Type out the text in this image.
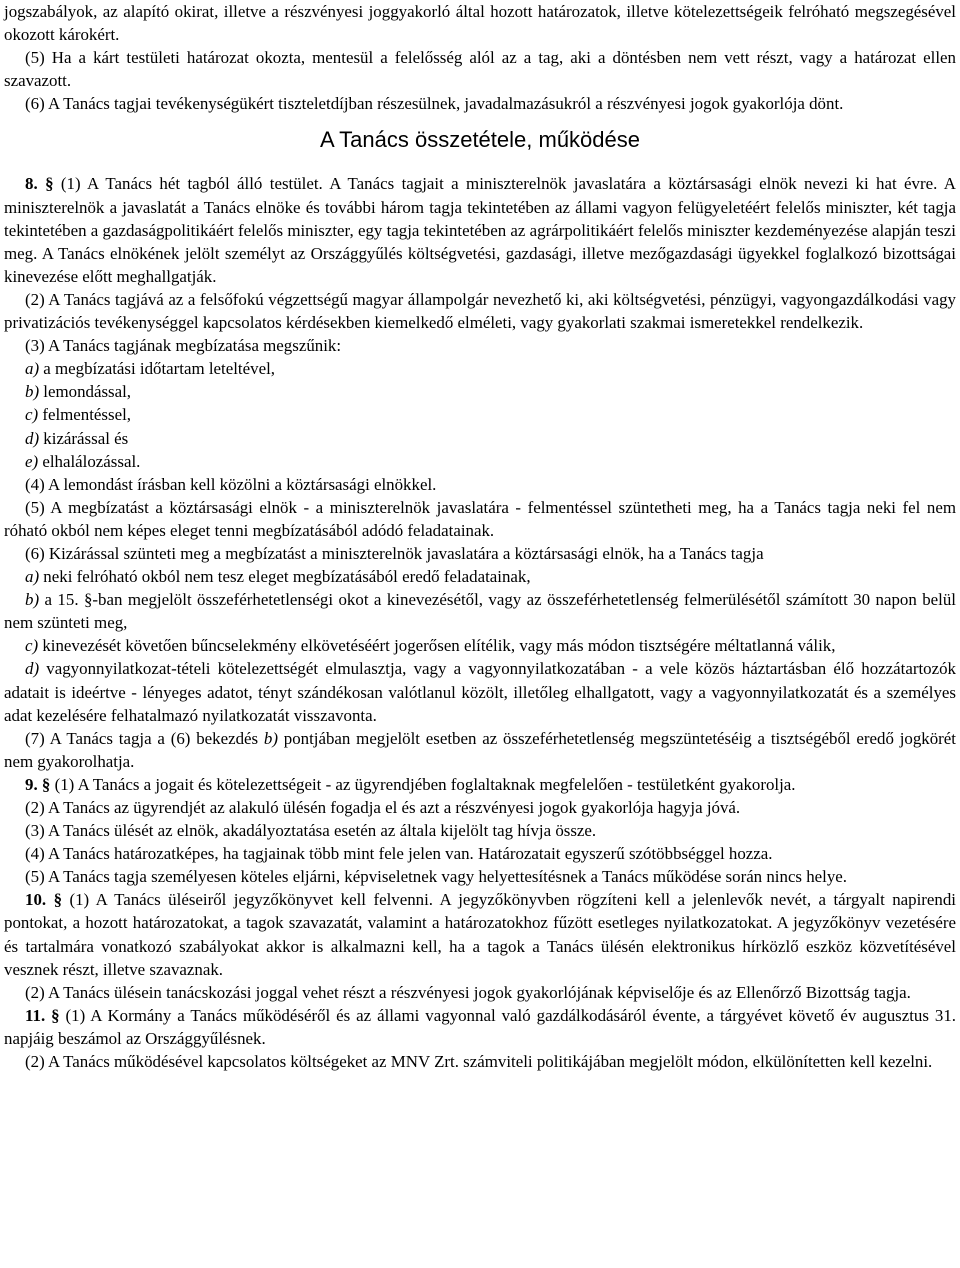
jogszabályok, az alapító okirat, illetve a részvényesi joggyakorló által hozott határozatok, illetve kötelezettségeik felróható megszegésével okozott károkért.

(5) Ha a kárt testületi határozat okozta, mentesül a felelősség alól az a tag, aki a döntésben nem vett részt, vagy a határozat ellen szavazott.

(6) A Tanács tagjai tevékenységükért tiszteletdíjban részesülnek, javadalmazásukról a részvényesi jogok gyakorlója dönt.

A Tanács összetétele, működése

8. § (1) A Tanács hét tagból álló testület. A Tanács tagjait a miniszterelnök javaslatára a köztársasági elnök nevezi ki hat évre. A miniszterelnök a javaslatát a Tanács elnöke és további három tagja tekintetében az állami vagyon felügyeletéért felelős miniszter, két tagja tekintetében a gazdaságpolitikáért felelős miniszter, egy tagja tekintetében az agrárpolitikáért felelős miniszter kezdeményezése alapján teszi meg. A Tanács elnökének jelölt személyt az Országgyűlés költségvetési, gazdasági, illetve mezőgazdasági ügyekkel foglalkozó bizottságai kinevezése előtt meghallgatják.

(2) A Tanács tagjává az a felsőfokú végzettségű magyar állampolgár nevezhető ki, aki költségvetési, pénzügyi, vagyongazdálkodási vagy privatizációs tevékenységgel kapcsolatos kérdésekben kiemelkedő elméleti, vagy gyakorlati szakmai ismeretekkel rendelkezik.

(3) A Tanács tagjának megbízatása megszűnik:

a) a megbízatási időtartam leteltével,

b) lemondással,

c) felmentéssel,

d) kizárással és

e) elhalálozással.

(4) A lemondást írásban kell közölni a köztársasági elnökkel.

(5) A megbízatást a köztársasági elnök - a miniszterelnök javaslatára - felmentéssel szüntetheti meg, ha a Tanács tagja neki fel nem róható okból nem képes eleget tenni megbízatásából adódó feladatainak.

(6) Kizárással szünteti meg a megbízatást a miniszterelnök javaslatára a köztársasági elnök, ha a Tanács tagja

a) neki felróható okból nem tesz eleget megbízatásából eredő feladatainak,

b) a 15. §-ban megjelölt összeférhetetlenségi okot a kinevezésétől, vagy az összeférhetetlenség felmerülésétől számított 30 napon belül nem szünteti meg,

c) kinevezését követően bűncselekmény elkövetéséért jogerősen elítélik, vagy más módon tisztségére méltatlanná válik,

d) vagyonnyilatkozat-tételi kötelezettségét elmulasztja, vagy a vagyonnyilatkozatában - a vele közös háztartásban élő hozzátartozók adatait is ideértve - lényeges adatot, tényt szándékosan valótlanul közölt, illetőleg elhallgatott, vagy a vagyonnyilatkozatát és a személyes adat kezelésére felhatalmazó nyilatkozatát visszavonta.

(7) A Tanács tagja a (6) bekezdés b) pontjában megjelölt esetben az összeférhetetlenség megszüntetéséig a tisztségéből eredő jogkörét nem gyakorolhatja.

9. § (1) A Tanács a jogait és kötelezettségeit - az ügyrendjében foglaltaknak megfelelően - testületként gyakorolja.

(2) A Tanács az ügyrendjét az alakuló ülésén fogadja el és azt a részvényesi jogok gyakorlója hagyja jóvá.

(3) A Tanács ülését az elnök, akadályoztatása esetén az általa kijelölt tag hívja össze.

(4) A Tanács határozatképes, ha tagjainak több mint fele jelen van. Határozatait egyszerű szótöbbséggel hozza.

(5) A Tanács tagja személyesen köteles eljárni, képviseletnek vagy helyettesítésnek a Tanács működése során nincs helye.

10. § (1) A Tanács üléseiről jegyzőkönyvet kell felvenni. A jegyzőkönyvben rögzíteni kell a jelenlevők nevét, a tárgyalt napirendi pontokat, a hozott határozatokat, a tagok szavazatát, valamint a határozatokhoz fűzött esetleges nyilatkozatokat. A jegyzőkönyv vezetésére és tartalmára vonatkozó szabályokat akkor is alkalmazni kell, ha a tagok a Tanács ülésén elektronikus hírközlő eszköz közvetítésével vesznek részt, illetve szavaznak.

(2) A Tanács ülésein tanácskozási joggal vehet részt a részvényesi jogok gyakorlójának képviselője és az Ellenőrző Bizottság tagja.

11. § (1) A Kormány a Tanács működéséről és az állami vagyonnal való gazdálkodásáról évente, a tárgyévet követő év augusztus 31. napjáig beszámol az Országgyűlésnek.

(2) A Tanács működésével kapcsolatos költségeket az MNV Zrt. számviteli politikájában megjelölt módon, elkülönítetten kell kezelni.
